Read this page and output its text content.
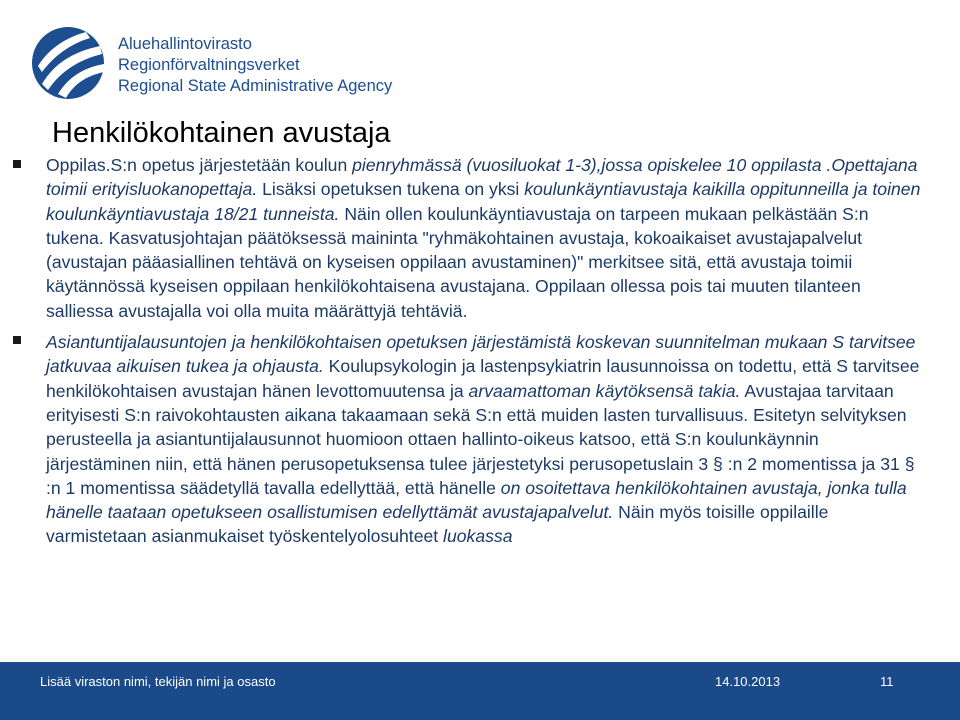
Aluehallintovirasto
Regionförvaltningsverket
Regional State Administrative Agency
Henkilökohtainen avustaja
Oppilas.S:n opetus järjestetään koulun pienryhmässä (vuosiluokat 1-3),jossa opiskelee 10 oppilasta .Opettajana toimii erityisluokanopettaja. Lisäksi opetuksen tukena on yksi koulunkäyntiavustaja kaikilla oppitunneilla ja toinen koulunkäyntiavustaja 18/21 tunneista. Näin ollen koulunkäyntiavustaja on tarpeen mukaan pelkästään S:n tukena. Kasvatusjohtajan päätöksessä maininta "ryhmäkohtainen avustaja, kokoaikaiset avustajapalvelut (avustajan pääasiallinen tehtävä on kyseisen oppilaan avustaminen)" merkitsee sitä, että avustaja toimii käytännössä kyseisen oppilaan henkilökohtaisena avustajana. Oppilaan ollessa pois tai muuten tilanteen salliessa avustajalla voi olla muita määrättyjä tehtäviä.
Asiantuntijalausuntojen ja henkilökohtaisen opetuksen järjestämistä koskevan suunnitelman mukaan S tarvitsee jatkuvaa aikuisen tukea ja ohjausta. Koulupsykologin ja lastenpsykiatrin lausunnoissa on todettu, että S tarvitsee henkilökohtaisen avustajan hänen levottomuutensa ja arvaamattoman käytöksensä takia. Avustajaa tarvitaan erityisesti S:n raivokohtausten aikana takaamaan sekä S:n että muiden lasten turvallisuus. Esitetyn selvityksen perusteella ja asiantuntijalausunnot huomioon ottaen hallinto-oikeus katsoo, että S:n koulunkäynnin järjestäminen niin, että hänen perusopetuksensa tulee järjestetyksi perusopetuslain 3 § :n 2 momentissa ja 31 § :n 1 momentissa säädetyllä tavalla edellyttää, että hänelle on osoitettava henkilökohtainen avustaja, jonka tulla hänelle taataan opetukseen osallistumisen edellyttämät avustajapalvelut. Näin myös toisille oppilaille varmistetaan asianmukaiset työskentelyolosuhteet luokassa
Lisää viraston nimi, tekijän nimi ja osasto	14.10.2013	11
